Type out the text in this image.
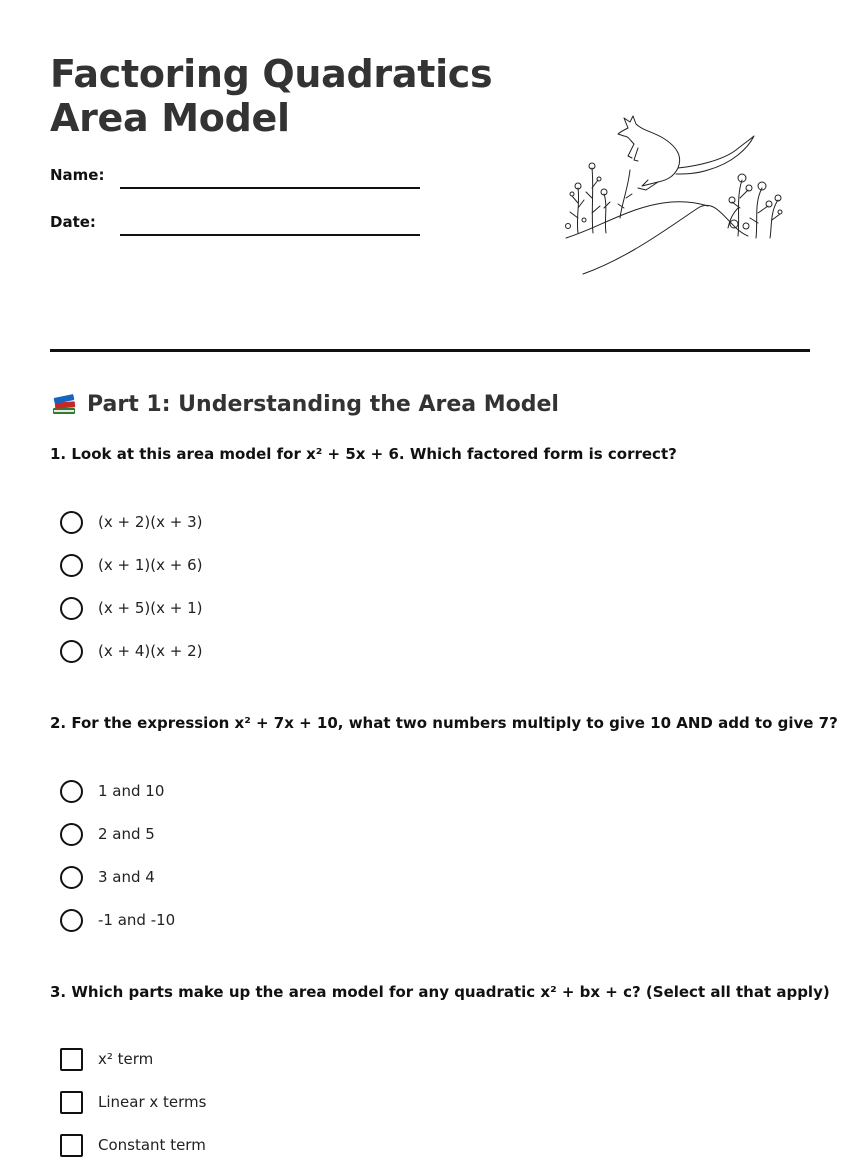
Factoring Quadratics
Area Model
Name:
Date:
Part 1: Understanding the Area Model
1. Look at this area model for x² + 5x + 6. Which factored form is correct?
(x + 2)(x + 3)
(x + 1)(x + 6)
(x + 5)(x + 1)
(x + 4)(x + 2)
2. For the expression x² + 7x + 10, what two numbers multiply to give 10 AND add to give 7?
1 and 10
2 and 5
3 and 4
-1 and -10
3. Which parts make up the area model for any quadratic x² + bx + c? (Select all that apply)
x² term
Linear x terms
Constant term
